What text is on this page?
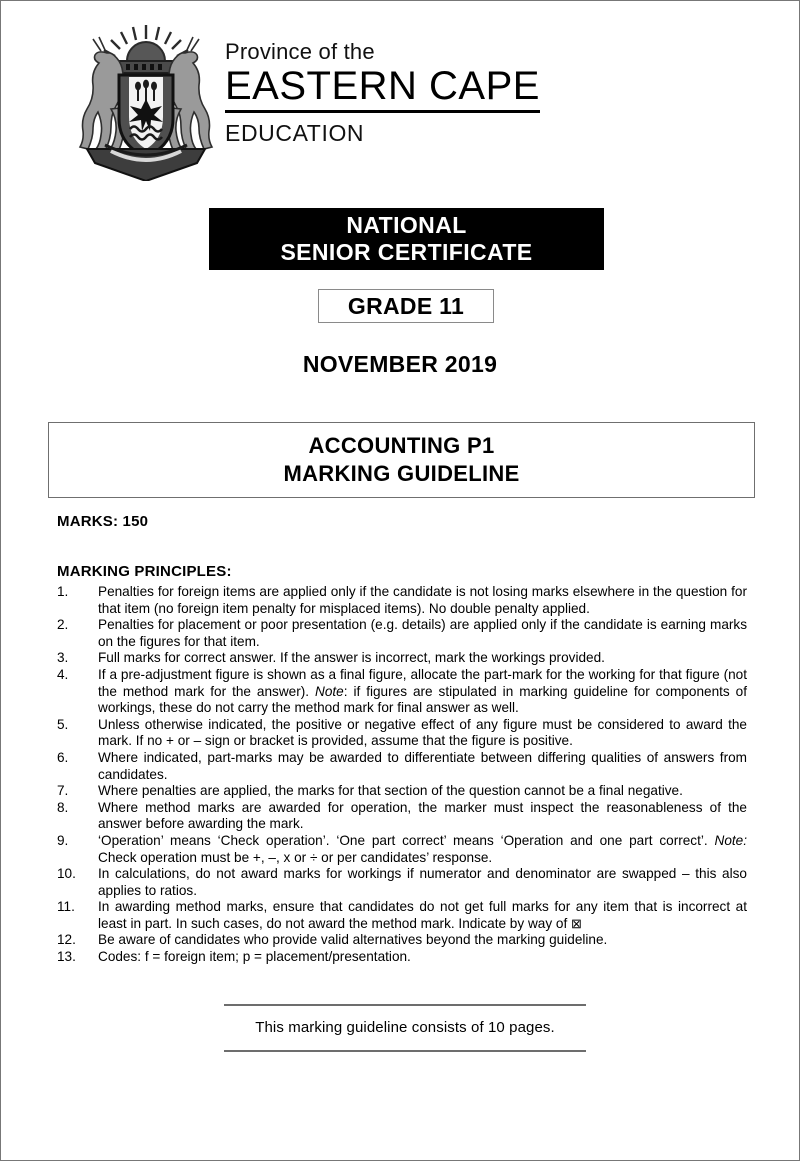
Province of the
EASTERN CAPE
EDUCATION
NATIONAL
SENIOR CERTIFICATE
GRADE 11
NOVEMBER 2019
ACCOUNTING P1
MARKING GUIDELINE
MARKS: 150
MARKING PRINCIPLES:
1.	Penalties for foreign items are applied only if the candidate is not losing marks elsewhere in the question for that item (no foreign item penalty for misplaced items). No double penalty applied.
2.	Penalties for placement or poor presentation (e.g. details) are applied only if the candidate is earning marks on the figures for that item.
3.	Full marks for correct answer. If the answer is incorrect, mark the workings provided.
4.	If a pre-adjustment figure is shown as a final figure, allocate the part-mark for the working for that figure (not the method mark for the answer). Note: if figures are stipulated in marking guideline for components of workings, these do not carry the method mark for final answer as well.
5.	Unless otherwise indicated, the positive or negative effect of any figure must be considered to award the mark. If no + or – sign or bracket is provided, assume that the figure is positive.
6.	Where indicated, part-marks may be awarded to differentiate between differing qualities of answers from candidates.
7.	Where penalties are applied, the marks for that section of the question cannot be a final negative.
8.	Where method marks are awarded for operation, the marker must inspect the reasonableness of the answer before awarding the mark.
9.	‘Operation’ means ‘Check operation’. ‘One part correct’ means ‘Operation and one part correct’. Note: Check operation must be +, –, x or ÷ or per candidates’ response.
10.	In calculations, do not award marks for workings if numerator and denominator are swapped – this also applies to ratios.
11.	In awarding method marks, ensure that candidates do not get full marks for any item that is incorrect at least in part. In such cases, do not award the method mark. Indicate by way of ⊠
12.	Be aware of candidates who provide valid alternatives beyond the marking guideline.
13.	Codes: f = foreign item; p = placement/presentation.
This marking guideline consists of 10 pages.
